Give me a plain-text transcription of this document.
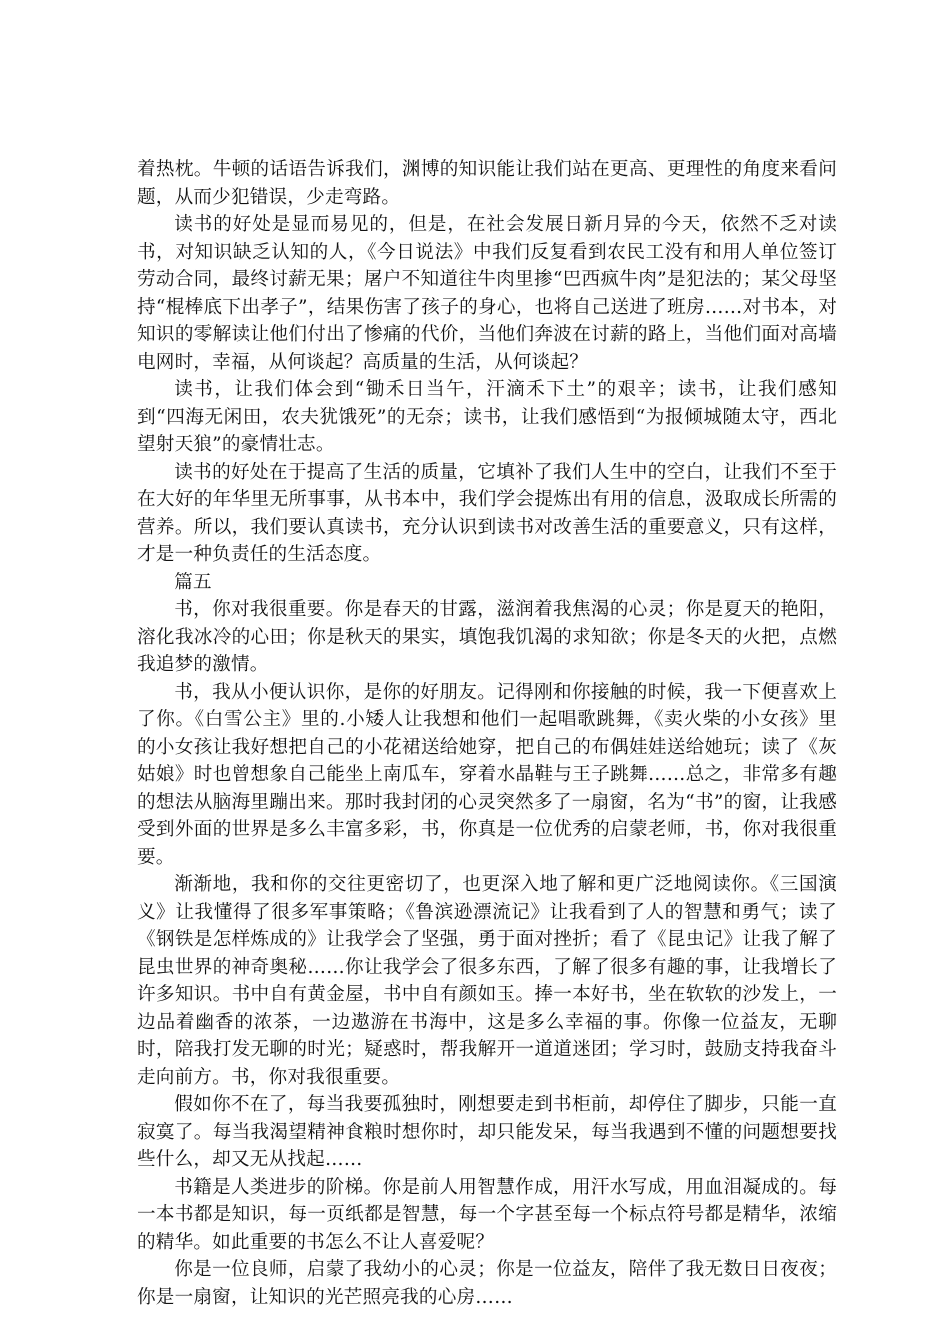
着热枕。牛顿的话语告诉我们，渊博的知识能让我们站在更高、更理性的角度来看问题，从而少犯错误，少走弯路。

读书的好处是显而易见的，但是，在社会发展日新月异的今天，依然不乏对读书，对知识缺乏认知的人，《今日说法》中我们反复看到农民工没有和用人单位签订劳动合同，最终讨薪无果；屠户不知道往牛肉里掺“巴西疯牛肉”是犯法的；某父母坚持“棍棒底下出孝子”，结果伤害了孩子的身心，也将自己送进了班房……对书本，对知识的零解读让他们付出了惨痛的代价，当他们奔波在讨薪的路上，当他们面对高墙电网时，幸福，从何谈起？高质量的生活，从何谈起？

读书，让我们体会到“锄禾日当午，汗滴禾下土”的艰辛；读书，让我们感知到“四海无闲田，农夫犹饿死”的无奈；读书，让我们感悟到“为报倾城随太守，西北望射天狼”的豪情壮志。

读书的好处在于提高了生活的质量，它填补了我们人生中的空白，让我们不至于在大好的年华里无所事事，从书本中，我们学会提炼出有用的信息，汲取成长所需的营养。所以，我们要认真读书，充分认识到读书对改善生活的重要意义，只有这样，才是一种负责任的生活态度。

篇五

书，你对我很重要。你是春天的甘露，滋润着我焦渴的心灵；你是夏天的艳阳，溶化我冰冷的心田；你是秋天的果实，填饱我饥渴的求知欲；你是冬天的火把，点燃我追梦的激情。

书，我从小便认识你，是你的好朋友。记得刚和你接触的时候，我一下便喜欢上了你。《白雪公主》里的.小矮人让我想和他们一起唱歌跳舞，《卖火柴的小女孩》里的小女孩让我好想把自己的小花裙送给她穿，把自己的布偶娃娃送给她玩；读了《灰姑娘》时也曾想象自己能坐上南瓜车，穿着水晶鞋与王子跳舞……总之，非常多有趣的想法从脑海里蹦出来。那时我封闭的心灵突然多了一扇窗，名为“书”的窗，让我感受到外面的世界是多么丰富多彩，书，你真是一位优秀的启蒙老师，书，你对我很重要。

渐渐地，我和你的交往更密切了，也更深入地了解和更广泛地阅读你。《三国演义》让我懂得了很多军事策略；《鲁滨逊漂流记》让我看到了人的智慧和勇气；读了《钢铁是怎样炼成的》让我学会了坚强，勇于面对挫折；看了《昆虫记》让我了解了昆虫世界的神奇奥秘……你让我学会了很多东西，了解了很多有趣的事，让我增长了许多知识。书中自有黄金屋，书中自有颜如玉。捧一本好书，坐在软软的沙发上，一边品着幽香的浓茶，一边遨游在书海中，这是多么幸福的事。你像一位益友，无聊时，陪我打发无聊的时光；疑惑时，帮我解开一道道迷团；学习时，鼓励支持我奋斗走向前方。书，你对我很重要。

假如你不在了，每当我要孤独时，刚想要走到书柜前，却停住了脚步，只能一直寂寞了。每当我渴望精神食粮时想你时，却只能发呆，每当我遇到不懂的问题想要找些什么，却又无从找起……

书籍是人类进步的阶梯。你是前人用智慧作成，用汗水写成，用血泪凝成的。每一本书都是知识，每一页纸都是智慧，每一个字甚至每一个标点符号都是精华，浓缩的精华。如此重要的书怎么不让人喜爱呢？

你是一位良师，启蒙了我幼小的心灵；你是一位益友，陪伴了我无数日日夜夜；你是一扇窗，让知识的光芒照亮我的心房……
